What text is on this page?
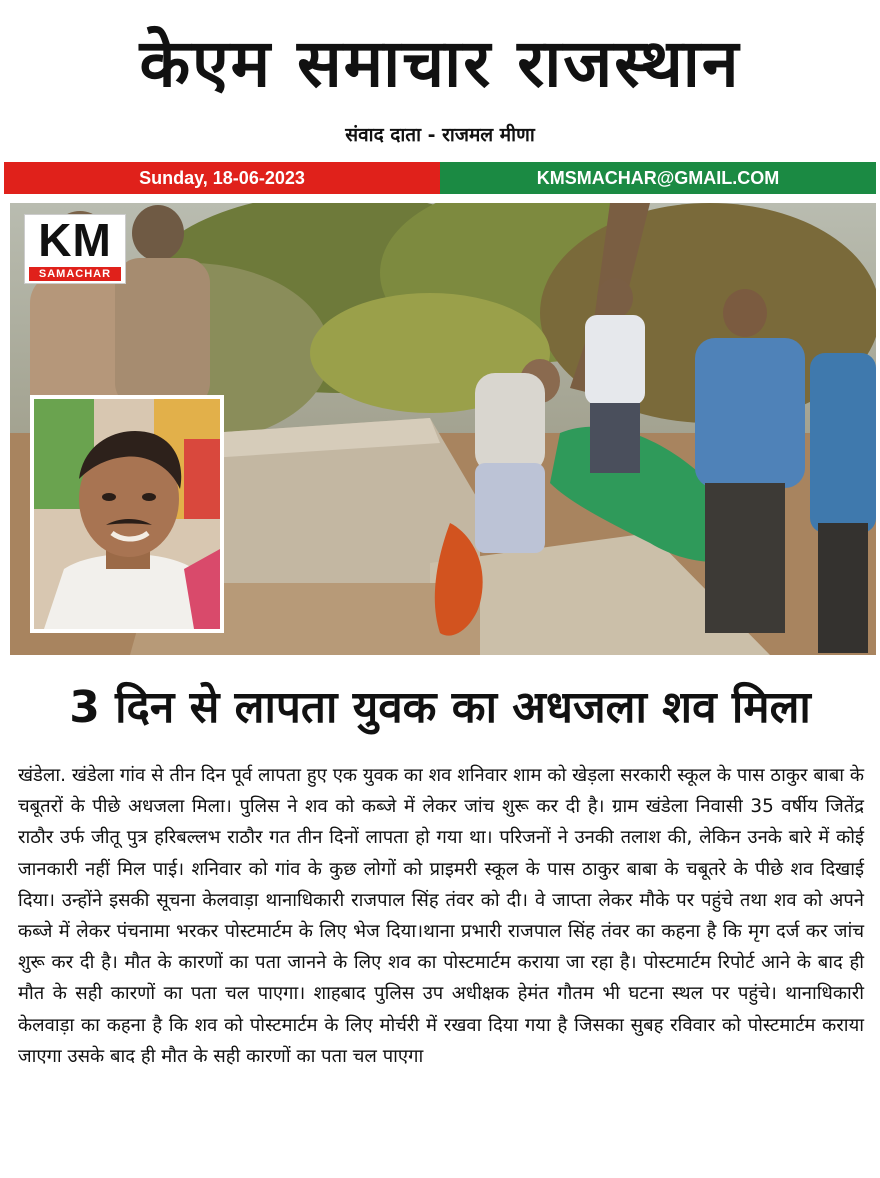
केएम समाचार राजस्थान
संवाद दाता - राजमल मीणा
Sunday, 18-06-2023	KMSMACHAR@GMAIL.COM
KM
SAMACHAR
3 दिन से लापता युवक का अधजला शव मिला

खंडेला. खंडेला गांव से तीन दिन पूर्व लापता हुए एक युवक का शव शनिवार शाम को खेड़ला सरकारी स्कूल के पास ठाकुर बाबा के चबूतरों के पीछे अधजला मिला। पुलिस ने शव को कब्जे में लेकर जांच शुरू कर दी है। ग्राम खंडेला निवासी 35 वर्षीय जितेंद्र राठौर उर्फ जीतू पुत्र हरिबल्लभ राठौर गत तीन दिनों लापता हो गया था। परिजनों ने उनकी तलाश की, लेकिन उनके बारे में कोई जानकारी नहीं मिल पाई। शनिवार को गांव के कुछ लोगों को प्राइमरी स्कूल के पास ठाकुर बाबा के चबूतरे के पीछे शव दिखाई दिया। उन्होंने इसकी सूचना केलवाड़ा थानाधिकारी राजपाल सिंह तंवर को दी। वे जाप्ता लेकर मौके पर पहुंचे तथा शव को अपने कब्जे में लेकर पंचनामा भरकर पोस्टमार्टम के लिए भेज दिया।थाना प्रभारी राजपाल सिंह तंवर का कहना है कि मृग दर्ज कर जांच शुरू कर दी है। मौत के कारणों का पता जानने के लिए शव का पोस्टमार्टम कराया जा रहा है। पोस्टमार्टम रिपोर्ट आने के बाद ही मौत के सही कारणों का पता चल पाएगा। शाहबाद पुलिस उप अधीक्षक हेमंत गौतम भी घटना स्थल पर पहुंचे। थानाधिकारी केलवाड़ा का कहना है कि शव को पोस्टमार्टम के लिए मोर्चरी में रखवा दिया गया है जिसका सुबह रविवार को पोस्टमार्टम कराया जाएगा उसके बाद ही मौत के सही कारणों का पता चल पाएगा
